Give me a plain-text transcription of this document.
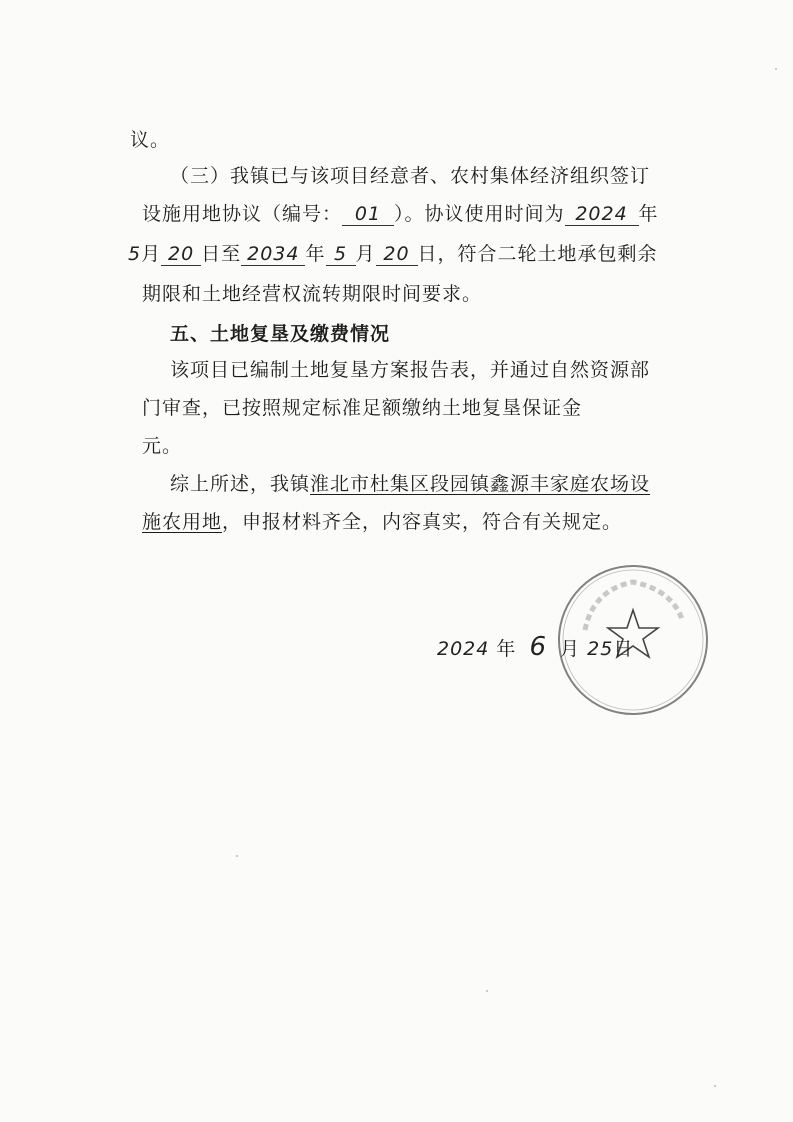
议。
（三）我镇已与该项目经意者、农村集体经济组织签订
设施用地协议（编号： 01 ）。协议使用时间为 2024 年
5月 20 日至 2034 年 5 月 20 日，符合二轮土地承包剩余
期限和土地经营权流转期限时间要求。
五、土地复垦及缴费情况
该项目已编制土地复垦方案报告表，并通过自然资源部
门审查，已按照规定标准足额缴纳土地复垦保证金
元。
综上所述，我镇淮北市杜集区段园镇鑫源丰家庭农场设
施农用地，申报材料齐全，内容真实，符合有关规定。
2024 年 6 月 25日
